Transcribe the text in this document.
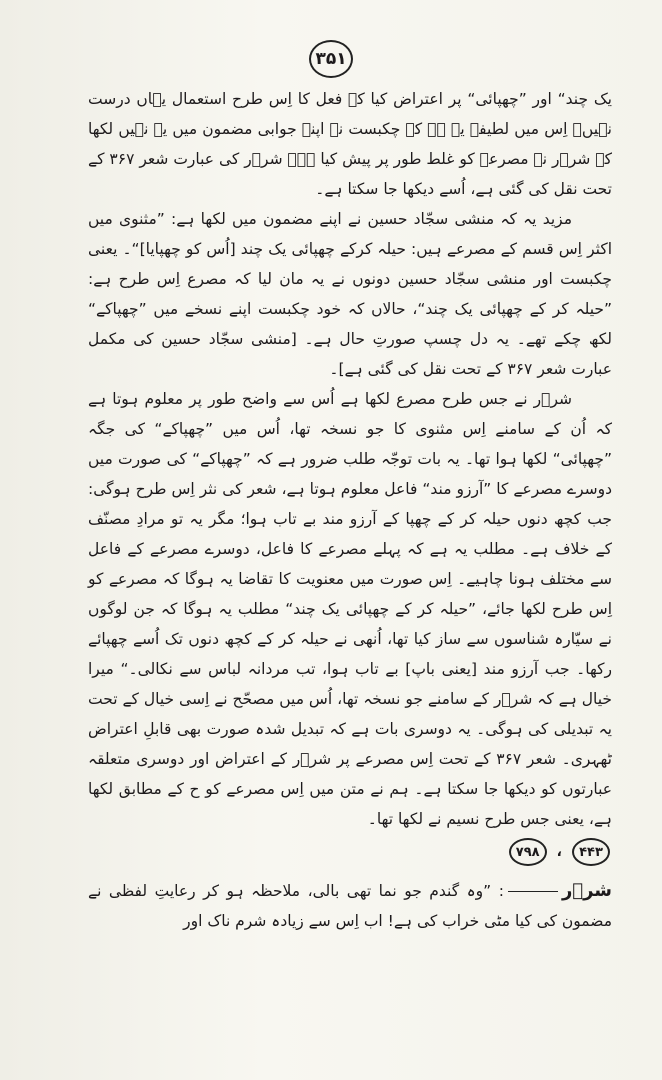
۳۵۱

یک چند“ اور ”چھپائی“ پر اعتراض کیا کہ فعل کا اِس طرح استعمال یہاں درست نہیں۔ اِس میں لطیفہ یہ ہے کہ چکبست نے اپنے جوابی مضمون میں یہ نہیں لکھا کہ شرؔر نے مصرعے کو غلط طور پر پیش کیا ہے۔ شرؔر کی عبارت شعر ۳۶۷ کے تحت نقل کی گئی ہے، اُسے دیکھا جا سکتا ہے۔

مزید یہ کہ منشی سجّاد حسین نے اپنے مضمون میں لکھا ہے: ”مثنوی میں اکثر اِس قسم کے مصرعے ہیں: حیلہ کرکے چھپائی یک چند [اُس کو چھپایا]“۔ یعنی چکبست اور منشی سجّاد حسین دونوں نے یہ مان لیا کہ مصرع اِس طرح ہے: ”حیلہ کر کے چھپائی یک چند“، حالاں کہ خود چکبست اپنے نسخے میں ”چھپاکے“ لکھ چکے تھے۔ یہ دل چسپ صورتِ حال ہے۔ [منشی سجّاد حسین کی مکمل عبارت شعر ۳۶۷ کے تحت نقل کی گئی ہے]۔

شرؔر نے جس طرح مصرع لکھا ہے اُس سے واضح طور پر معلوم ہوتا ہے کہ اُن کے سامنے اِس مثنوی کا جو نسخہ تھا، اُس میں ”چھپاکے“ کی جگہ ”چھپائی“ لکھا ہوا تھا۔ یہ بات توجّہ طلب ضرور ہے کہ ”چھپاکے“ کی صورت میں دوسرے مصرعے کا ”آرزو مند“ فاعل معلوم ہوتا ہے، شعر کی نثر اِس طرح ہوگی: جب کچھ دنوں حیلہ کر کے چھپا کے آرزو مند بے تاب ہوا؛ مگر یہ تو مرادِ مصنّف کے خلاف ہے۔ مطلب یہ ہے کہ پہلے مصرعے کا فاعل، دوسرے مصرعے کے فاعل سے مختلف ہونا چاہیے۔ اِس صورت میں معنویت کا تقاضا یہ ہوگا کہ مصرعے کو اِس طرح لکھا جائے، ”حیلہ کر کے چھپائی یک چند“ مطلب یہ ہوگا کہ جن لوگوں نے سیّارہ شناسوں سے ساز کیا تھا، اُنھی نے حیلہ کر کے کچھ دنوں تک اُسے چھپائے رکھا۔ جب آرزو مند [یعنی باپ] بے تاب ہوا، تب مردانہ لباس سے نکالی۔“ میرا خیال ہے کہ شرؔر کے سامنے جو نسخہ تھا، اُس میں مصحّح نے اِسی خیال کے تحت یہ تبدیلی کی ہوگی۔ یہ دوسری بات ہے کہ تبدیل شدہ صورت بھی قابلِ اعتراض ٹھہری۔ شعر ۳۶۷ کے تحت اِس مصرعے پر شرؔر کے اعتراض اور دوسری متعلقہ عبارتوں کو دیکھا جا سکتا ہے۔ ہم نے متن میں اِس مصرعے کو ح کے مطابق لکھا ہے، یعنی جس طرح نسیم نے لکھا تھا۔

۴۴۳
،
۷۹۸
شرؔر: ”وہ گندم جو نما تھی بالی، ملاحظہ ہو کر رعایتِ لفظی نے مضمون کی کیا مٹی خراب کی ہے! اب اِس سے زیادہ شرم ناک اور
